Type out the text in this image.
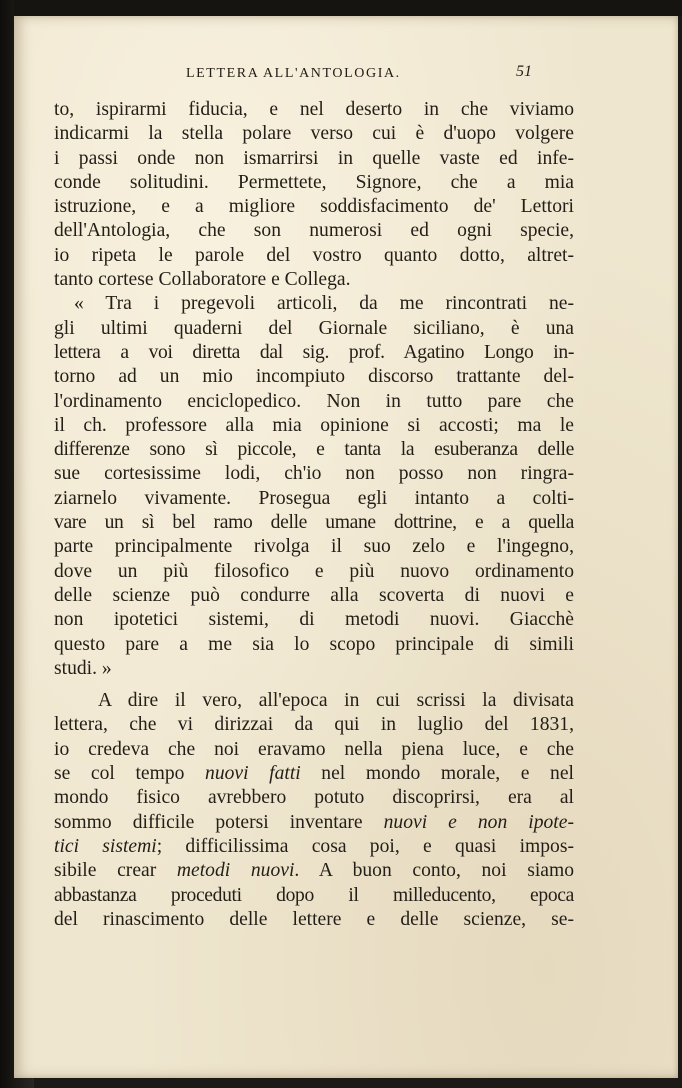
LETTERA ALL'ANTOLOGIA.	51
to, ispirarmi fiducia, e nel deserto in che viviamo
indicarmi la stella polare verso cui è d'uopo volgere
i passi onde non ismarrirsi in quelle vaste ed infe-
conde solitudini. Permettete, Signore, che a mia
istruzione, e a migliore soddisfacimento de' Lettori
dell'Antologia, che son numerosi ed ogni specie,
io ripeta le parole del vostro quanto dotto, altret-
tanto cortese Collaboratore e Collega.
« Tra i pregevoli articoli, da me rincontrati ne-
gli ultimi quaderni del Giornale siciliano, è una
lettera a voi diretta dal sig. prof. Agatino Longo in-
torno ad un mio incompiuto discorso trattante del-
l'ordinamento enciclopedico. Non in tutto pare che
il ch. professore alla mia opinione si accosti; ma le
differenze sono sì piccole, e tanta la esuberanza delle
sue cortesissime lodi, ch'io non posso non ringra-
ziarnelo vivamente. Prosegua egli intanto a colti-
vare un sì bel ramo delle umane dottrine, e a quella
parte principalmente rivolga il suo zelo e l'ingegno,
dove un più filosofico e più nuovo ordinamento
delle scienze può condurre alla scoverta di nuovi e
non ipotetici sistemi, di metodi nuovi. Giacchè
questo pare a me sia lo scopo principale di simili
studi. »
A dire il vero, all'epoca in cui scrissi la divisata
lettera, che vi dirizzai da qui in luglio del 1831,
io credeva che noi eravamo nella piena luce, e che
se col tempo nuovi fatti nel mondo morale, e nel
mondo fisico avrebbero potuto discoprirsi, era al
sommo difficile potersi inventare nuovi e non ipote-
tici sistemi; difficilissima cosa poi, e quasi impos-
sibile crear metodi nuovi. A buon conto, noi siamo
abbastanza proceduti dopo il milleducento, epoca
del rinascimento delle lettere e delle scienze, se-
